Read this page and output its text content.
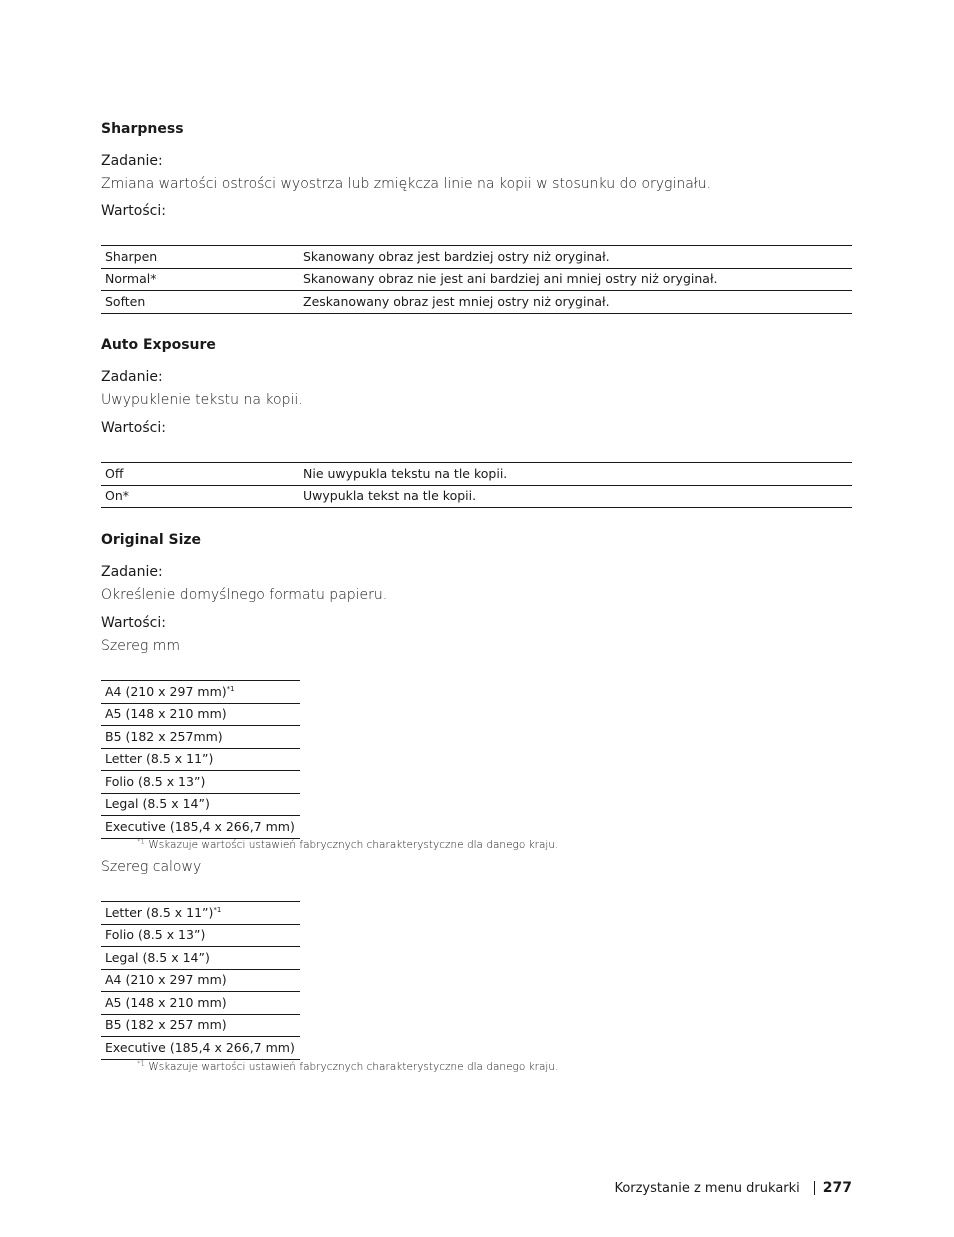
Sharpness
Zadanie:
Zmiana wartości ostrości wyostrza lub zmiękcza linie na kopii w stosunku do oryginału.
Wartości:
Sharpen	Skanowany obraz jest bardziej ostry niż oryginał.
Normal*	Skanowany obraz nie jest ani bardziej ani mniej ostry niż oryginał.
Soften	Zeskanowany obraz jest mniej ostry niż oryginał.
Auto Exposure
Zadanie:
Uwypuklenie tekstu na kopii.
Wartości:
Off	Nie uwypukla tekstu na tle kopii.
On*	Uwypukla tekst na tle kopii.
Original Size
Zadanie:
Określenie domyślnego formatu papieru.
Wartości:
Szereg mm
A4 (210 x 297 mm)$^{*1}$
A5 (148 x 210 mm)
B5 (182 x 257mm)
Letter (8.5 x 11”)
Folio (8.5 x 13”)
Legal (8.5 x 14”)
Executive (185,4 x 266,7 mm)
$^{*1}$ Wskazuje wartości ustawień fabrycznych charakterystyczne dla danego kraju.
Szereg calowy
Letter (8.5 x 11”)$^{*1}$
Folio (8.5 x 13”)
Legal (8.5 x 14”)
A4 (210 x 297 mm)
A5 (148 x 210 mm)
B5 (182 x 257 mm)
Executive (185,4 x 266,7 mm)
$^{*1}$ Wskazuje wartości ustawień fabrycznych charakterystyczne dla danego kraju.
Korzystanie z menu drukarki 277
